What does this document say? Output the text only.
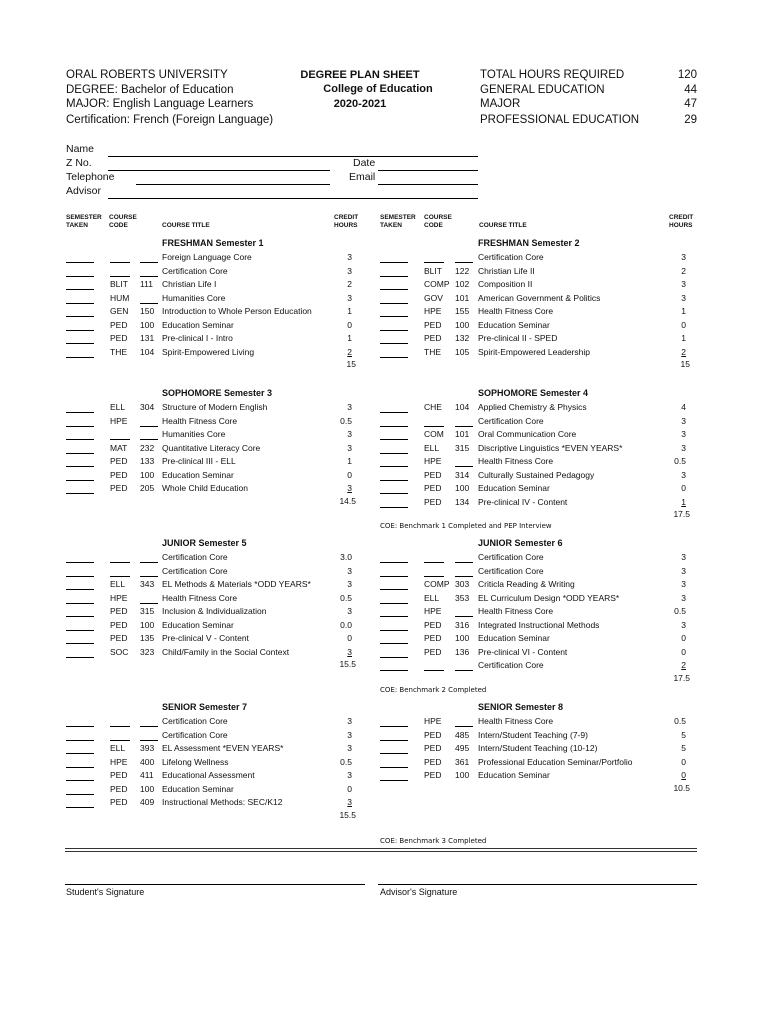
ORAL ROBERTS UNIVERSITY
DEGREE: Bachelor of Education
MAJOR: English Language Learners
Certification: French (Foreign Language)
DEGREE PLAN SHEET
College of Education
2020-2021
TOTAL HOURS REQUIRED	120
GENERAL EDUCATION	44
MAJOR	47
PROFESSIONAL EDUCATION	29
Name
Z No.	Date
Telephone	Email
Advisor
SEMESTER
TAKEN
COURSE
CODE	COURSE TITLE
CREDIT
HOURS
SEMESTER
TAKEN
COURSE
CODE	COURSE TITLE
CREDIT
HOURS
FRESHMAN Semester 1
Foreign Language Core	3
Certification Core	3
BLIT 111 Christian Life I	2
HUM	Humanities Core	3
GEN 150 Introduction to Whole Person Education	1
PED 100 Education Seminar	0
PED 131 Pre-clinical I - Intro	1
THE 104 Spirit-Empowered Living	2
15
FRESHMAN Semester 2
Certification Core	3
BLIT 122 Christian Life II	2
COMP 102 Composition II	3
GOV 101 American Government & Politics	3
HPE 155 Health Fitness Core	1
PED 100 Education Seminar	0
PED 132 Pre-clinical II - SPED	1
THE 105 Spirit-Empowered Leadership	2
15
SOPHOMORE Semester 3
ELL 304 Structure of Modern English	3
HPE	Health Fitness Core	0.5
Humanities Core	3
MAT 232 Quantitative Literacy Core	3
PED 133 Pre-clinical III - ELL	1
PED 100 Education Seminar	0
PED 205 Whole Child Education	3
14.5
SOPHOMORE Semester 4
CHE 104 Applied Chemistry & Physics	4
Certification Core	3
COM 101 Oral Communication Core	3
ELL 315 Discriptive Linguistics *EVEN YEARS*	3
HPE	Health Fitness Core	0.5
PED 314 Culturally Sustained Pedagogy	3
PED 100 Education Seminar	0
PED 134 Pre-clinical IV - Content	1
17.5
JUNIOR Semester 5
Certification Core	3.0
Certification Core	3
ELL 343 EL Methods & Materials *ODD YEARS*	3
HPE	Health Fitness Core	0.5
PED 315 Inclusion & Individualization	3
PED 100 Education Seminar	0.0
PED 135 Pre-clinical V - Content	0
SOC 323 Child/Family in the Social Context	3
15.5
JUNIOR Semester 6
Certification Core	3
Certification Core	3
COMP 303 Criticla Reading & Writing	3
ELL 353 EL Curriculum Design *ODD YEARS*	3
HPE	Health Fitness Core	0.5
PED 316 Integrated Instructional Methods	3
PED 100 Education Seminar	0
PED 136 Pre-clinical VI - Content	0
Certification Core	2
17.5
SENIOR Semester 7
Certification Core	3
Certification Core	3
ELL 393 EL Assessment *EVEN YEARS*	3
HPE 400 Lifelong Wellness	0.5
PED 411 Educational Assessment	3
PED 100 Education Seminar	0
PED 409 Instructional Methods: SEC/K12	3
15.5
SENIOR Semester 8
HPE	Health Fitness Core	0.5
PED 485 Intern/Student Teaching (7-9)	5
PED 495 Intern/Student Teaching (10-12)	5
PED 361 Professional Education Seminar/Portfolio	0
PED 100 Education Seminar	0
10.5
COE: Benchmark 1 Completed and PEP Interview
COE: Benchmark 2 Completed
COE: Benchmark 3 Completed
Student's Signature	Advisor's Signature
